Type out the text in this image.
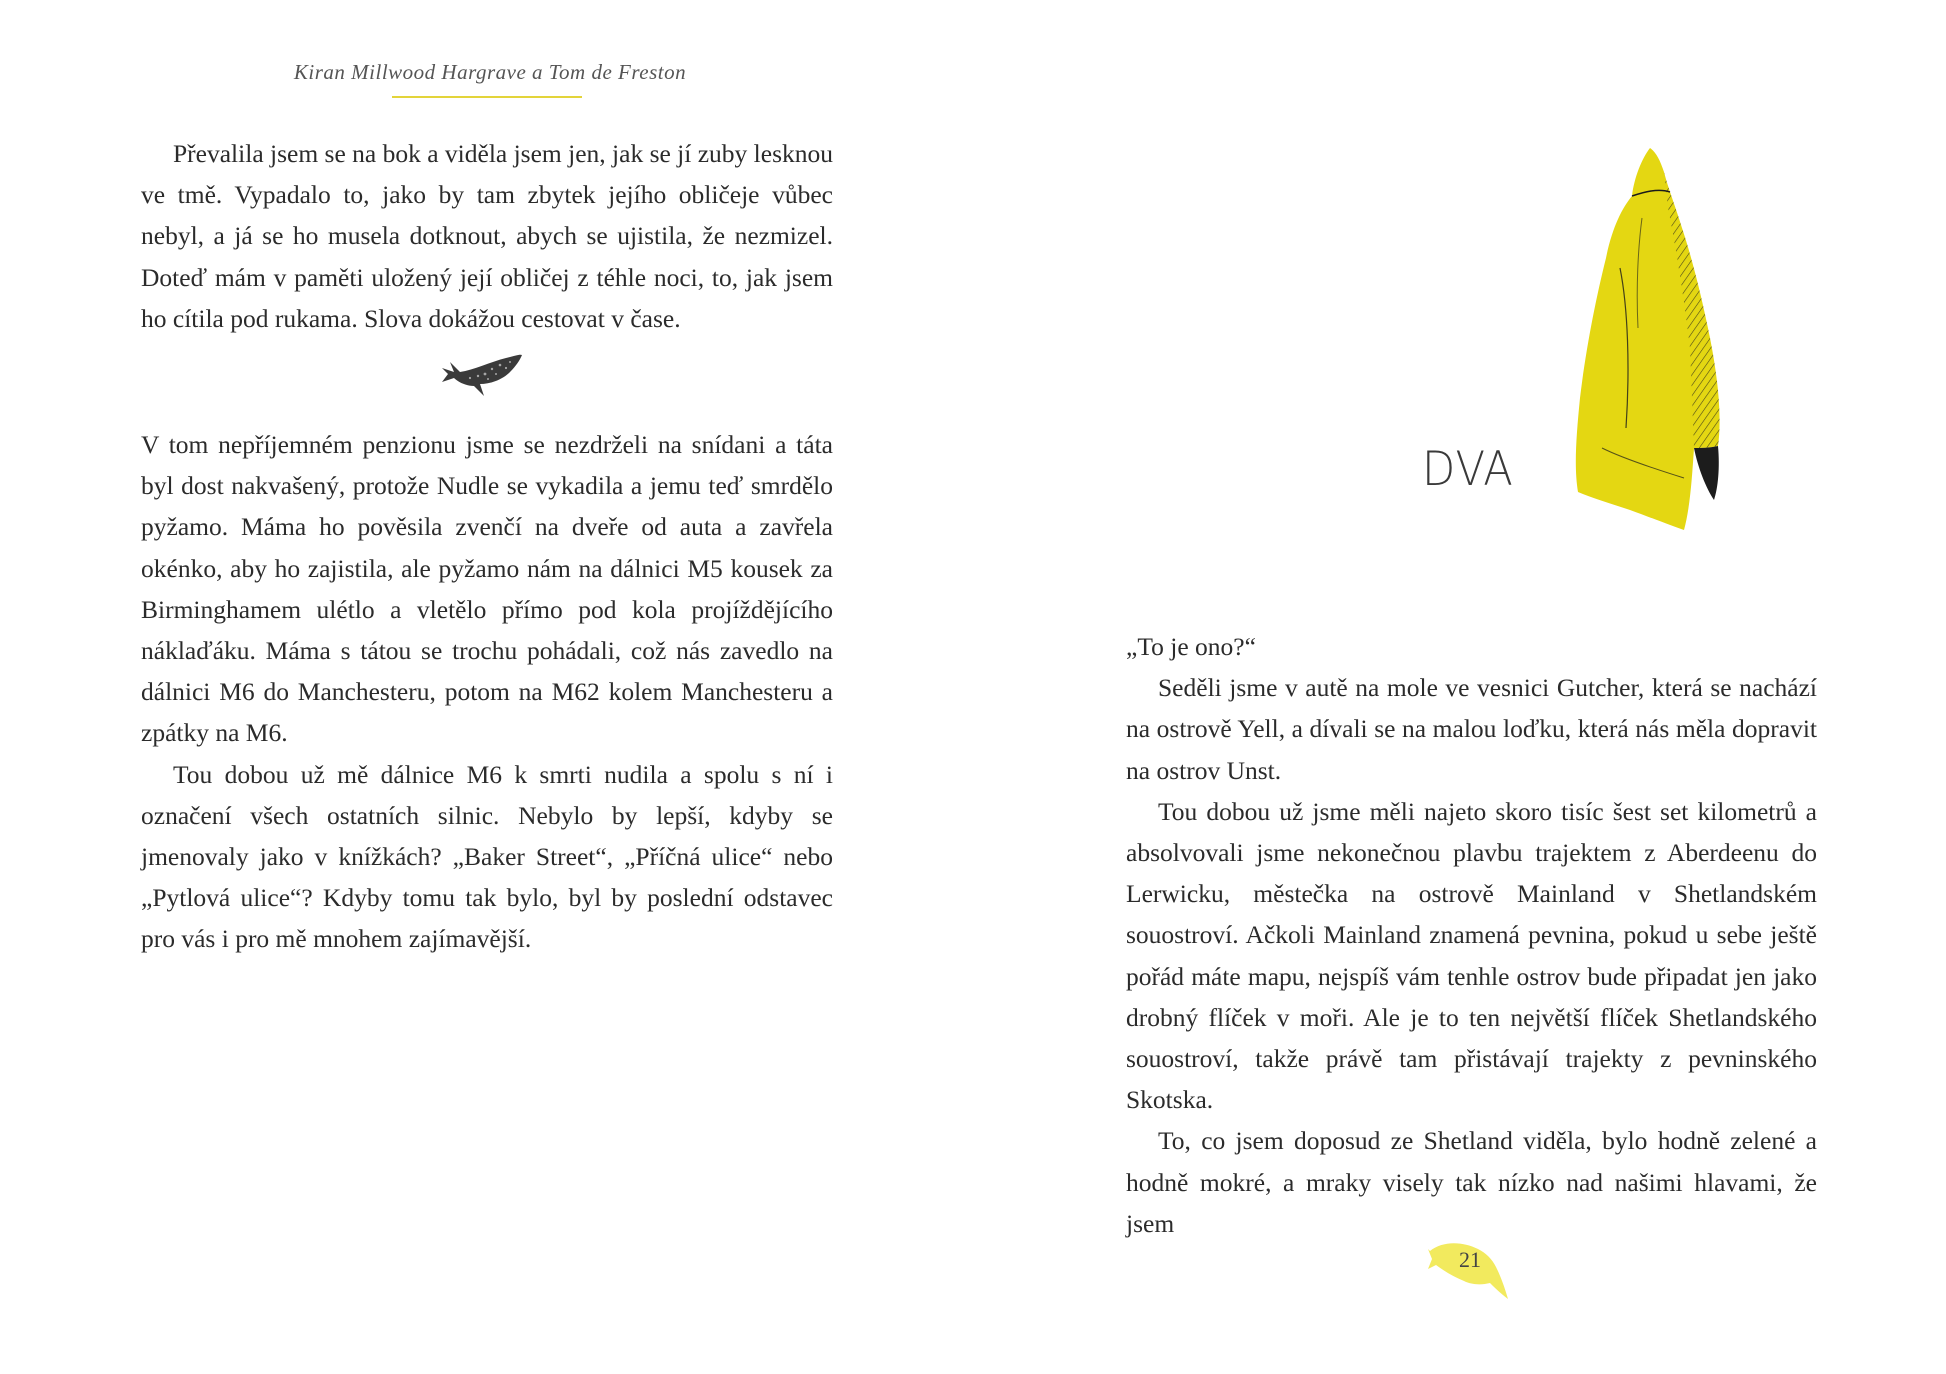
Kiran Millwood Hargrave a Tom de Freston

Převalila jsem se na bok a viděla jsem jen, jak se jí zuby lesknou ve tmě. Vypadalo to, jako by tam zbytek jejího obličeje vůbec nebyl, a já se ho musela dotknout, abych se ujistila, že nezmizel. Doteď mám v paměti uložený její obličej z téhle noci, to, jak jsem ho cítila pod rukama. Slova dokážou cestovat v čase.

V tom nepříjemném penzionu jsme se nezdrželi na snídani a táta byl dost nakvašený, protože Nudle se vykadila a jemu teď smrdělo pyžamo. Máma ho pověsila zvenčí na dveře od auta a zavřela okénko, aby ho zajistila, ale pyžamo nám na dálnici M5 kousek za Birminghamem ulétlo a vletělo přímo pod kola projíždějícího náklaďáku. Máma s tátou se trochu pohádali, což nás zavedlo na dálnici M6 do Manchesteru, potom na M62 kolem Manchesteru a zpátky na M6.

Tou dobou už mě dálnice M6 k smrti nudila a spolu s ní i označení všech ostatních silnic. Nebylo by lepší, kdyby se jmenovaly jako v knížkách? „Baker Street“, „Příčná ulice“ nebo „Pytlová ulice“? Kdyby tomu tak bylo, byl by poslední odstavec pro vás i pro mě mnohem zajímavější.

DVA

„To je ono?“

Seděli jsme v autě na mole ve vesnici Gutcher, která se nachází na ostrově Yell, a dívali se na malou loďku, která nás měla dopravit na ostrov Unst.

Tou dobou už jsme měli najeto skoro tisíc šest set kilometrů a absolvovali jsme nekonečnou plavbu trajektem z Aberdeenu do Lerwicku, městečka na ostrově Mainland v Shetlandském souostroví. Ačkoli Mainland znamená pevnina, pokud u sebe ještě pořád máte mapu, nejspíš vám tenhle ostrov bude připadat jen jako drobný flíček v moři. Ale je to ten největší flíček Shetlandského souostroví, takže právě tam přistávají trajekty z pevninského Skotska.

To, co jsem doposud ze Shetland viděla, bylo hodně zelené a hodně mokré, a mraky visely tak nízko nad našimi hlavami, že jsem

21
